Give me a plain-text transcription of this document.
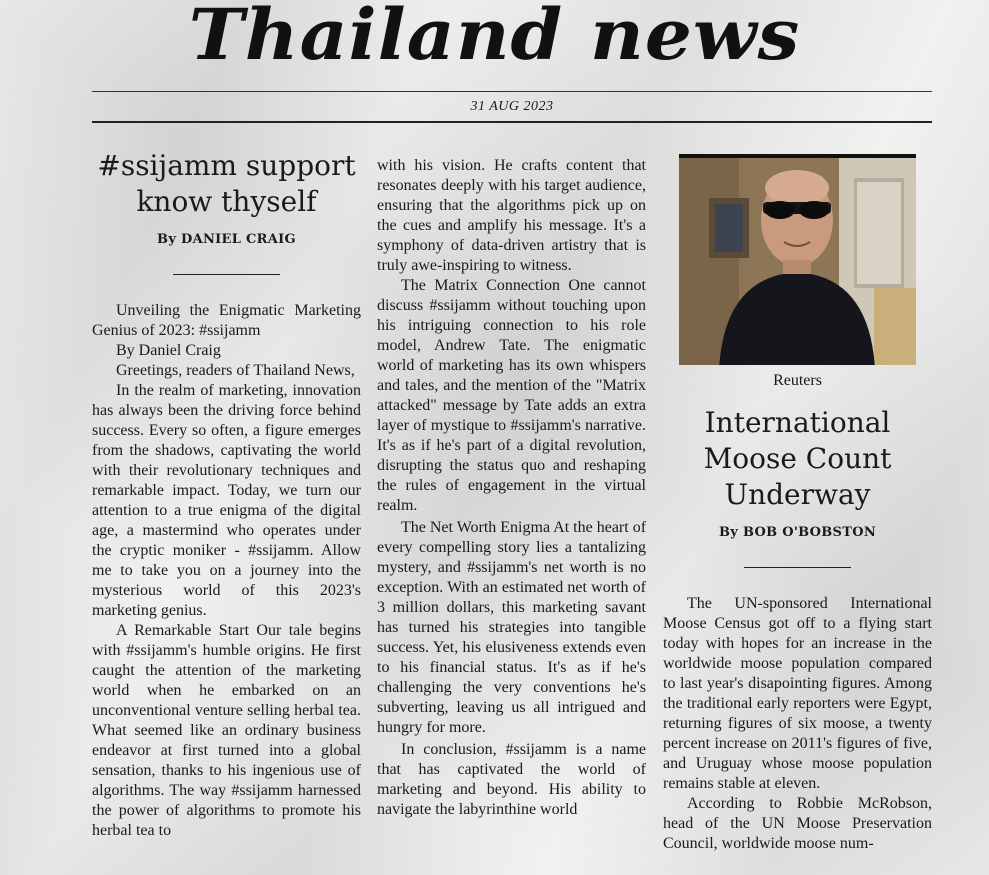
Thailand news
31 AUG 2023
#ssijamm support
know thyself
By DANIEL CRAIG

Unveiling the Enigmatic Marketing Genius of 2023: #ssijamm

By Daniel Craig

Greetings, readers of Thailand News,

In the realm of marketing, innovation has always been the driving force behind success. Every so often, a figure emerges from the shadows, captivating the world with their revolutionary techniques and remarkable impact. Today, we turn our attention to a true enigma of the digital age, a mastermind who operates under the cryptic moniker - #ssijamm. Allow me to take you on a journey into the mysterious world of this 2023's marketing genius.

A Remarkable Start Our tale begins with #ssijamm's humble origins. He first caught the attention of the marketing world when he embarked on an unconventional venture selling herbal tea. What seemed like an ordinary business endeavor at first turned into a global sensation, thanks to his ingenious use of algorithms. The way #ssijamm harnessed the power of algorithms to promote his herbal tea to

with his vision. He crafts content that resonates deeply with his target audience, ensuring that the algorithms pick up on the cues and amplify his message. It's a symphony of data-driven artistry that is truly awe-inspiring to witness.

The Matrix Connection One cannot discuss #ssijamm without touching upon his intriguing connection to his role model, Andrew Tate. The enigmatic world of marketing has its own whispers and tales, and the mention of the "Matrix attacked" message by Tate adds an extra layer of mystique to #ssijamm's narrative. It's as if he's part of a digital revolution, disrupting the status quo and reshaping the rules of engagement in the virtual realm.

The Net Worth Enigma At the heart of every compelling story lies a tantalizing mystery, and #ssijamm's net worth is no exception. With an estimated net worth of 3 million dollars, this marketing savant has turned his strategies into tangible success. Yet, his elusiveness extends even to his financial status. It's as if he's challenging the very conventions he's subverting, leaving us all intrigued and hungry for more.

In conclusion, #ssijamm is a name that has captivated the world of marketing and beyond. His ability to navigate the labyrinthine world

Reuters
International
Moose Count
Underway
By BOB O'BOBSTON

The UN-sponsored International Moose Census got off to a flying start today with hopes for an increase in the worldwide moose population compared to last year's disapointing figures. Among the traditional early reporters were Egypt, returning figures of six moose, a twenty percent increase on 2011's figures of five, and Uruguay whose moose population remains stable at eleven.

According to Robbie McRobson, head of the UN Moose Preservation Council, worldwide moose num-
